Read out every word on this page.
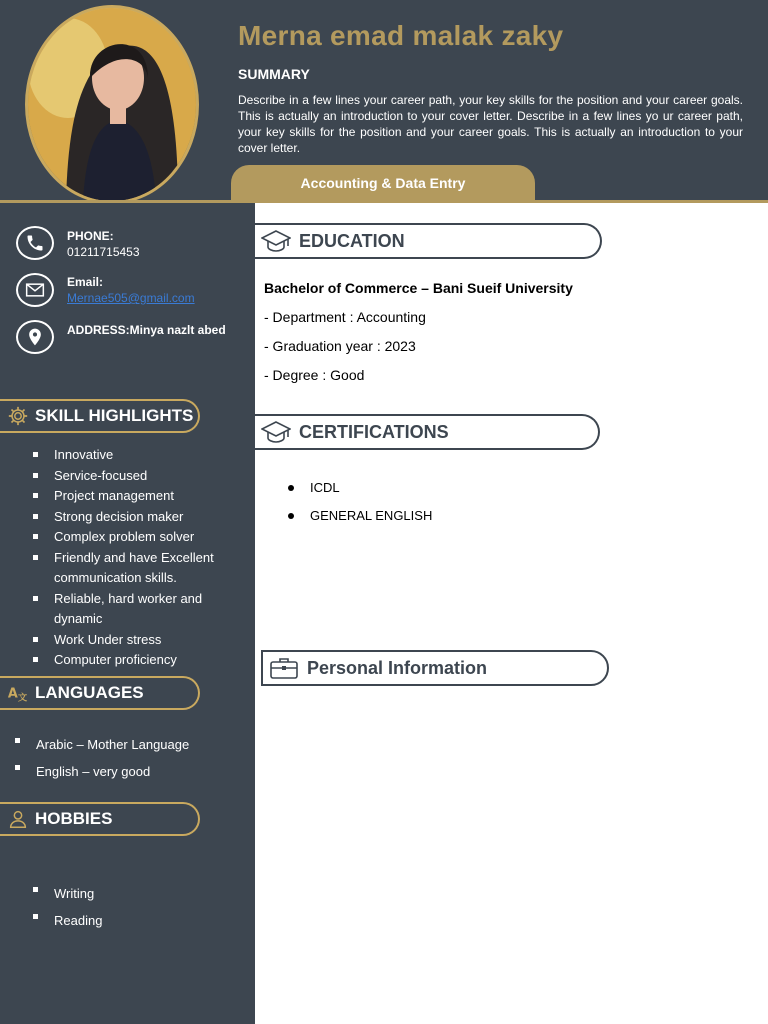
Merna emad malak zaky
SUMMARY

Describe in a few lines your career path, your key skills for the position and your career goals. This is actually an introduction to your cover letter. Describe in a few lines yo ur career path, your key skills for the position and your career goals. This is actually an introduction to your cover letter.

Accounting & Data Entry
PHONE:
01211715453
Email:
Mernae505@gmail.com
ADDRESS:Minya nazlt abed
SKILL HIGHLIGHTS
Innovative
Service-focused
Project management
Strong decision maker
Complex problem solver
Friendly and have Excellent communication skills.
Reliable, hard worker and dynamic
Work Under stress
Computer proficiency
A 文 LANGUAGES
Arabic – Mother Language
English – very good
HOBBIES
Writing
Reading
EDUCATION

Bachelor of Commerce – Bani Sueif University

- Department : Accounting

- Graduation year : 2023

- Degree : Good

CERTIFICATIONS
ICDL
GENERAL ENGLISH
Personal Information
